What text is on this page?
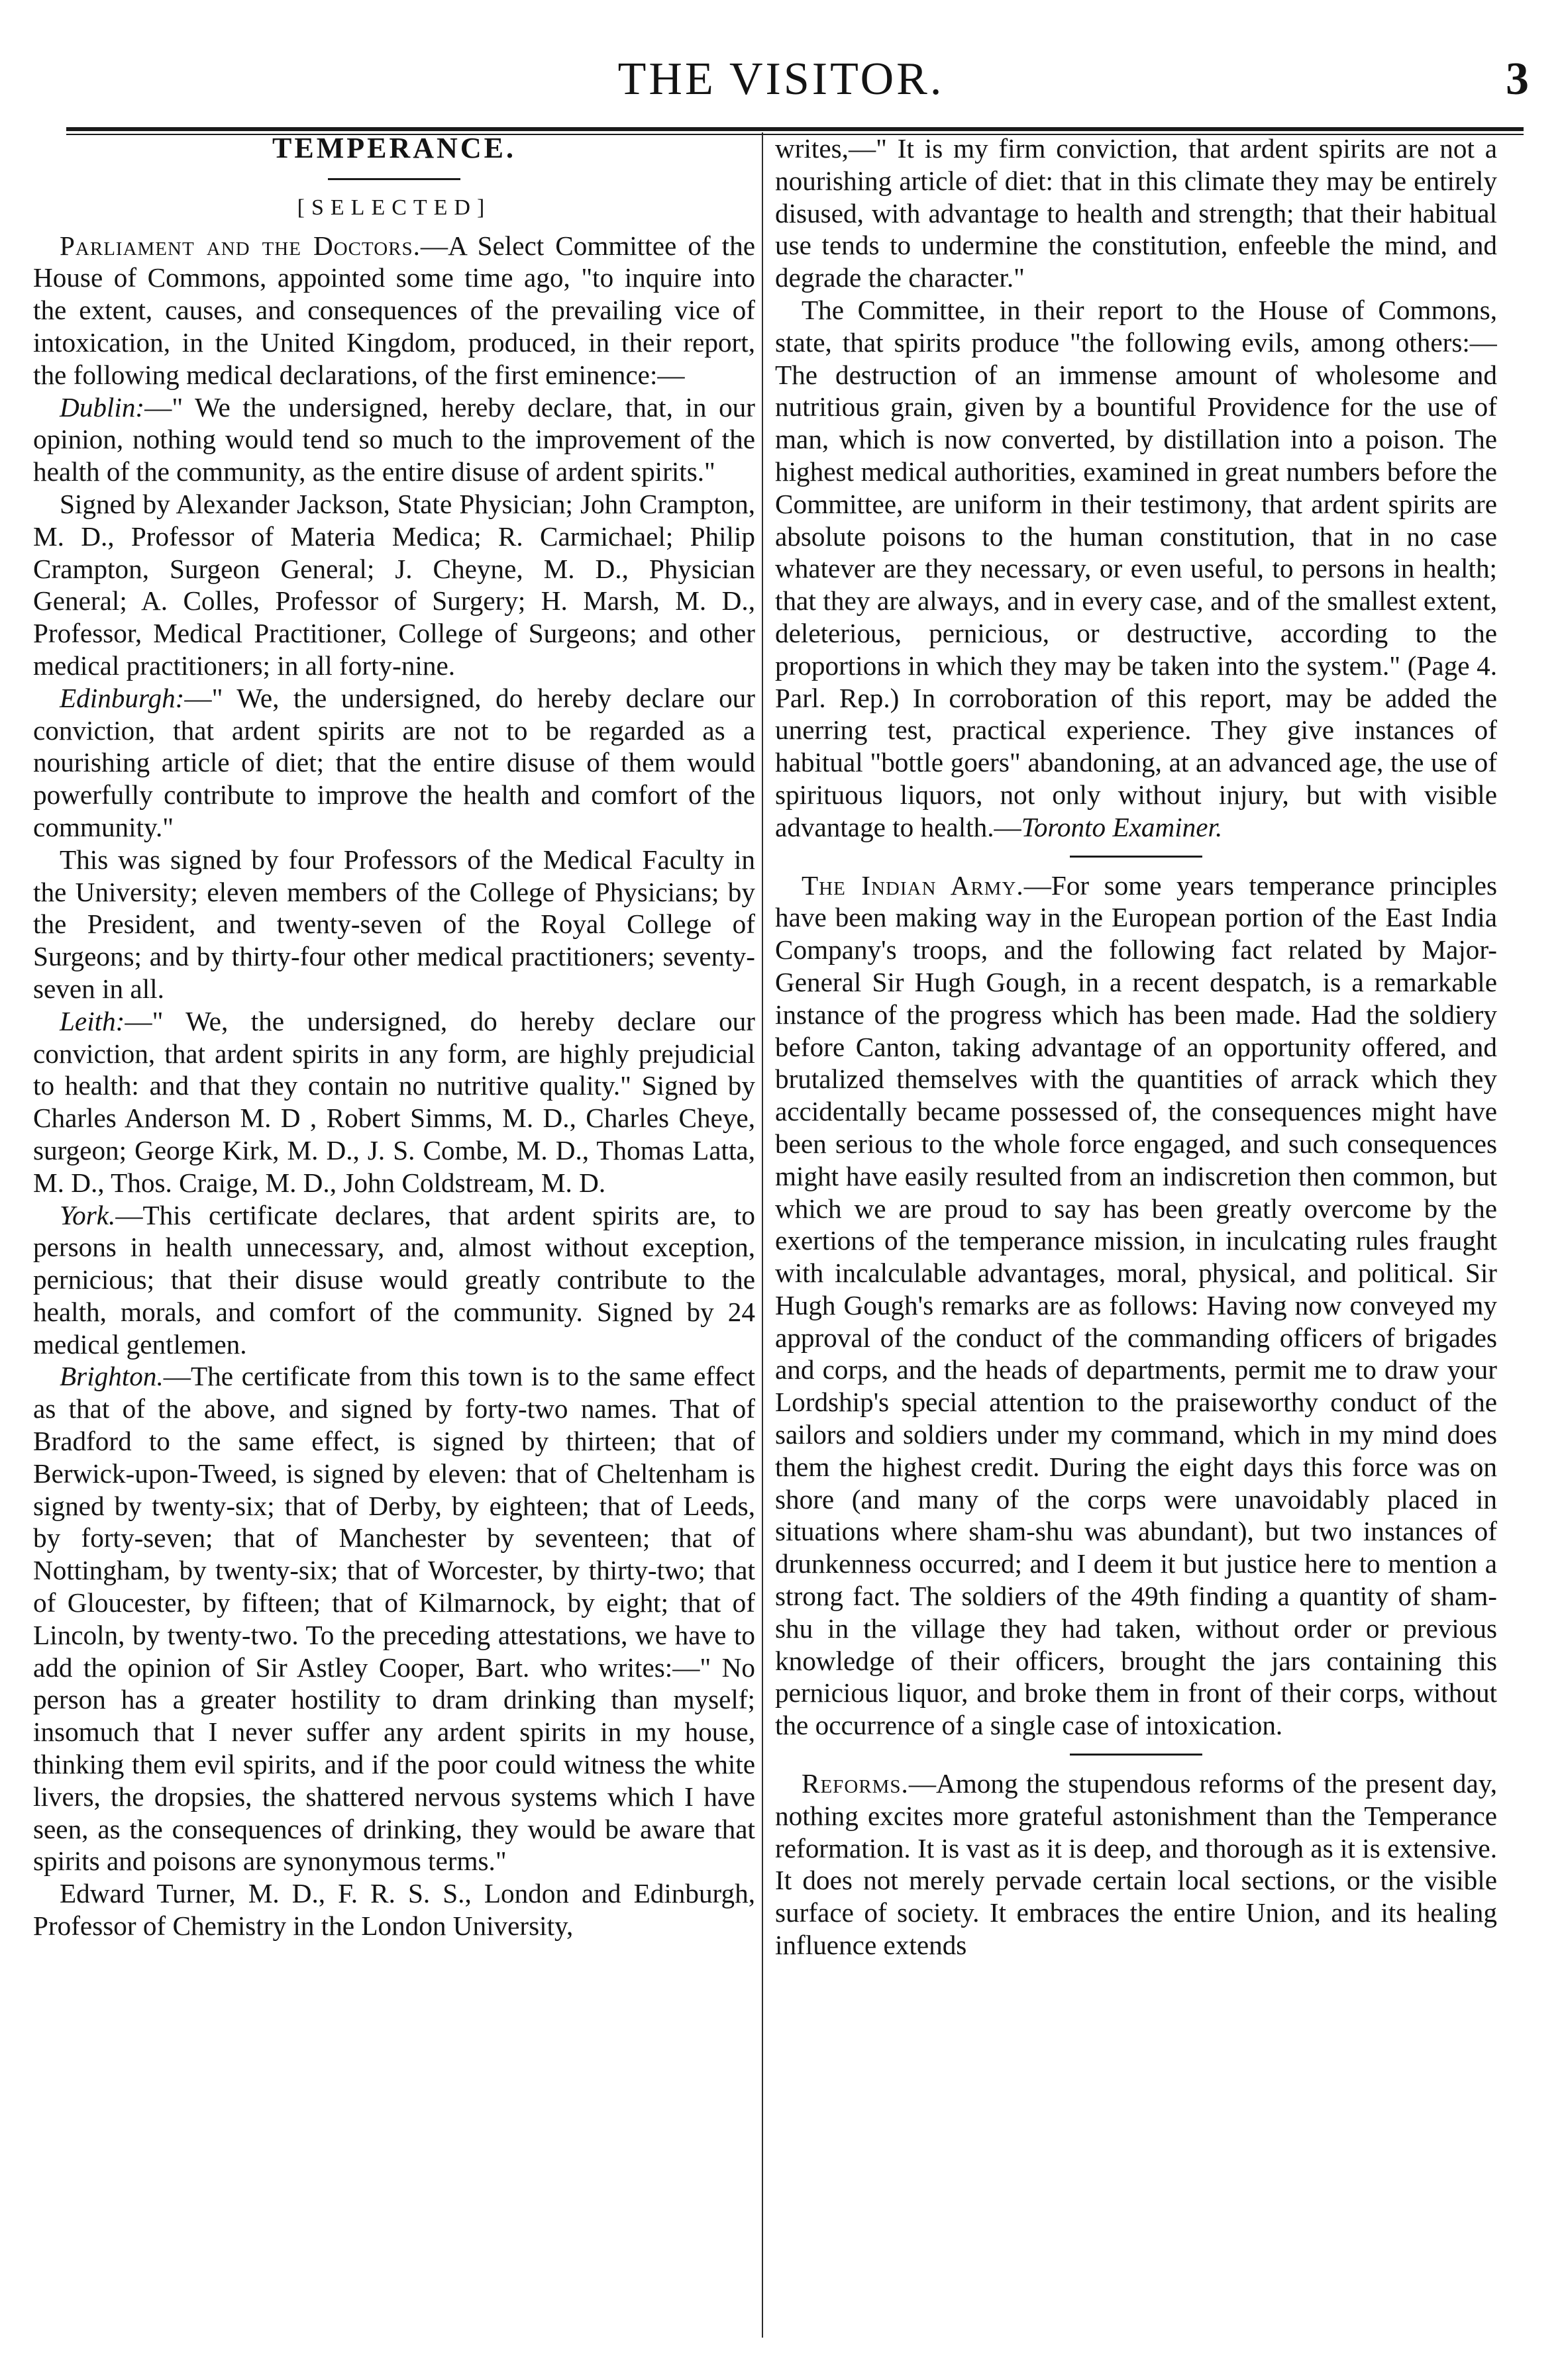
THE VISITOR.	3
TEMPERANCE.
[SELECTED]

Parliament and the Doctors.—A Select Committee of the House of Commons, appointed some time ago, "to inquire into the extent, causes, and consequences of the prevailing vice of intoxication, in the United Kingdom, produced, in their report, the following medical declarations, of the first eminence:—

Dublin:—" We the undersigned, hereby declare, that, in our opinion, nothing would tend so much to the improvement of the health of the community, as the entire disuse of ardent spirits."

Signed by Alexander Jackson, State Physician; John Crampton, M. D., Professor of Materia Medica; R. Carmichael; Philip Crampton, Surgeon General; J. Cheyne, M. D., Physician General; A. Colles, Professor of Surgery; H. Marsh, M. D., Professor, Medical Practitioner, College of Surgeons; and other medical practitioners; in all forty-nine.

Edinburgh:—" We, the undersigned, do hereby declare our conviction, that ardent spirits are not to be regarded as a nourishing article of diet; that the entire disuse of them would powerfully contribute to improve the health and comfort of the community."

This was signed by four Professors of the Medical Faculty in the University; eleven members of the College of Physicians; by the President, and twenty-seven of the Royal College of Surgeons; and by thirty-four other medical practitioners; seventy-seven in all.

Leith:—" We, the undersigned, do hereby declare our conviction, that ardent spirits in any form, are highly prejudicial to health: and that they contain no nutritive quality." Signed by Charles Anderson M. D , Robert Simms, M. D., Charles Cheye, surgeon; George Kirk, M. D., J. S. Combe, M. D., Thomas Latta, M. D., Thos. Craige, M. D., John Coldstream, M. D.

York.—This certificate declares, that ardent spirits are, to persons in health unnecessary, and, almost without exception, pernicious; that their disuse would greatly contribute to the health, morals, and comfort of the community. Signed by 24 medical gentlemen.

Brighton.—The certificate from this town is to the same effect as that of the above, and signed by forty-two names. That of Bradford to the same effect, is signed by thirteen; that of Berwick-upon-Tweed, is signed by eleven: that of Cheltenham is signed by twenty-six; that of Derby, by eighteen; that of Leeds, by forty-seven; that of Manchester by seventeen; that of Nottingham, by twenty-six; that of Worcester, by thirty-two; that of Gloucester, by fifteen; that of Kilmarnock, by eight; that of Lincoln, by twenty-two. To the preceding attestations, we have to add the opinion of Sir Astley Cooper, Bart. who writes:—" No person has a greater hostility to dram drinking than myself; insomuch that I never suffer any ardent spirits in my house, thinking them evil spirits, and if the poor could witness the white livers, the dropsies, the shattered nervous systems which I have seen, as the consequences of drinking, they would be aware that spirits and poisons are synonymous terms."

Edward Turner, M. D., F. R. S. S., London and Edinburgh, Professor of Chemistry in the London University,

writes,—" It is my firm conviction, that ardent spirits are not a nourishing article of diet: that in this climate they may be entirely disused, with advantage to health and strength; that their habitual use tends to undermine the constitution, enfeeble the mind, and degrade the character."

The Committee, in their report to the House of Commons, state, that spirits produce "the following evils, among others:—The destruction of an immense amount of wholesome and nutritious grain, given by a bountiful Providence for the use of man, which is now converted, by distillation into a poison. The highest medical authorities, examined in great numbers before the Committee, are uniform in their testimony, that ardent spirits are absolute poisons to the human constitution, that in no case whatever are they necessary, or even useful, to persons in health; that they are always, and in every case, and of the smallest extent, deleterious, pernicious, or destructive, according to the proportions in which they may be taken into the system." (Page 4. Parl. Rep.) In corroboration of this report, may be added the unerring test, practical experience. They give instances of habitual "bottle goers" abandoning, at an advanced age, the use of spirituous liquors, not only without injury, but with visible advantage to health.—Toronto Examiner.

The Indian Army.—For some years temperance principles have been making way in the European portion of the East India Company's troops, and the following fact related by Major-General Sir Hugh Gough, in a recent despatch, is a remarkable instance of the progress which has been made. Had the soldiery before Canton, taking advantage of an opportunity offered, and brutalized themselves with the quantities of arrack which they accidentally became possessed of, the consequences might have been serious to the whole force engaged, and such consequences might have easily resulted from an indiscretion then common, but which we are proud to say has been greatly overcome by the exertions of the temperance mission, in inculcating rules fraught with incalculable advantages, moral, physical, and political. Sir Hugh Gough's remarks are as follows: Having now conveyed my approval of the conduct of the commanding officers of brigades and corps, and the heads of departments, permit me to draw your Lordship's special attention to the praiseworthy conduct of the sailors and soldiers under my command, which in my mind does them the highest credit. During the eight days this force was on shore (and many of the corps were unavoidably placed in situations where sham-shu was abundant), but two instances of drunkenness occurred; and I deem it but justice here to mention a strong fact. The soldiers of the 49th finding a quantity of sham-shu in the village they had taken, without order or previous knowledge of their officers, brought the jars containing this pernicious liquor, and broke them in front of their corps, without the occurrence of a single case of intoxication.

Reforms.—Among the stupendous reforms of the present day, nothing excites more grateful astonishment than the Temperance reformation. It is vast as it is deep, and thorough as it is extensive. It does not merely pervade certain local sections, or the visible surface of society. It embraces the entire Union, and its healing influence extends
